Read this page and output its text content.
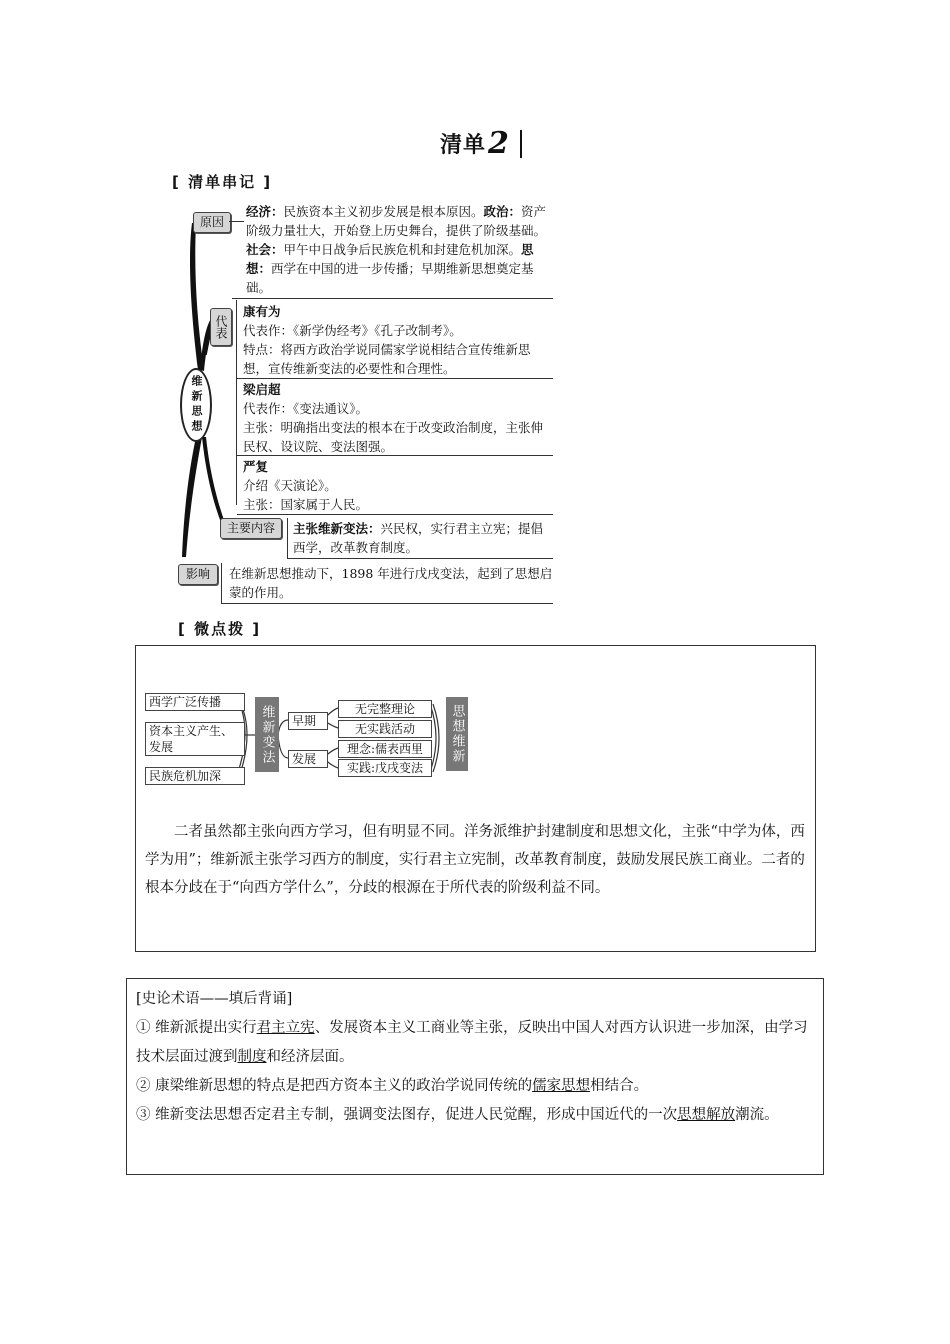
清单 2
[ 清单串记 ]
维新思想
原因
经济：民族资本主义初步发展是根本原因。政治：资产阶级力量壮大，开始登上历史舞台，提供了阶级基础。社会：甲午中日战争后民族危机和封建危机加深。思想：西学在中国的进一步传播；早期维新思想奠定基础。
代表
康有为
代表作：《新学伪经考》《孔子改制考》。
特点：将西方政治学说同儒家学说相结合宣传维新思想，宣传维新变法的必要性和合理性。
梁启超
代表作：《变法通议》。
主张：明确指出变法的根本在于改变政治制度，主张伸民权、设议院、变法图强。
严复
介绍《天演论》。
主张：国家属于人民。
主要内容	主张维新变法：兴民权，实行君主立宪；提倡西学，改革教育制度。
影响	在维新思想推动下，1898 年进行戊戌变法，起到了思想启蒙的作用。
[ 微点拨 ]
西学广泛传播
资本主义产生、发展
民族危机加深
维新变法	早期
发展
无完整理论
无实践活动
理念:儒表西里
实践:戊戌变法
思想维新
二者虽然都主张向西方学习，但有明显不同。洋务派维护封建制度和思想文化，主张“中学为体，西学为用”；维新派主张学习西方的制度，实行君主立宪制，改革教育制度，鼓励发展民族工商业。二者的根本分歧在于“向西方学什么”，分歧的根源在于所代表的阶级利益不同。
[史论术语——填后背诵]
① 维新派提出实行君主立宪、发展资本主义工商业等主张，反映出中国人对西方认识进一步加深，由学习技术层面过渡到制度和经济层面。
② 康梁维新思想的特点是把西方资本主义的政治学说同传统的儒家思想相结合。
③ 维新变法思想否定君主专制，强调变法图存，促进人民觉醒，形成中国近代的一次思想解放潮流。
